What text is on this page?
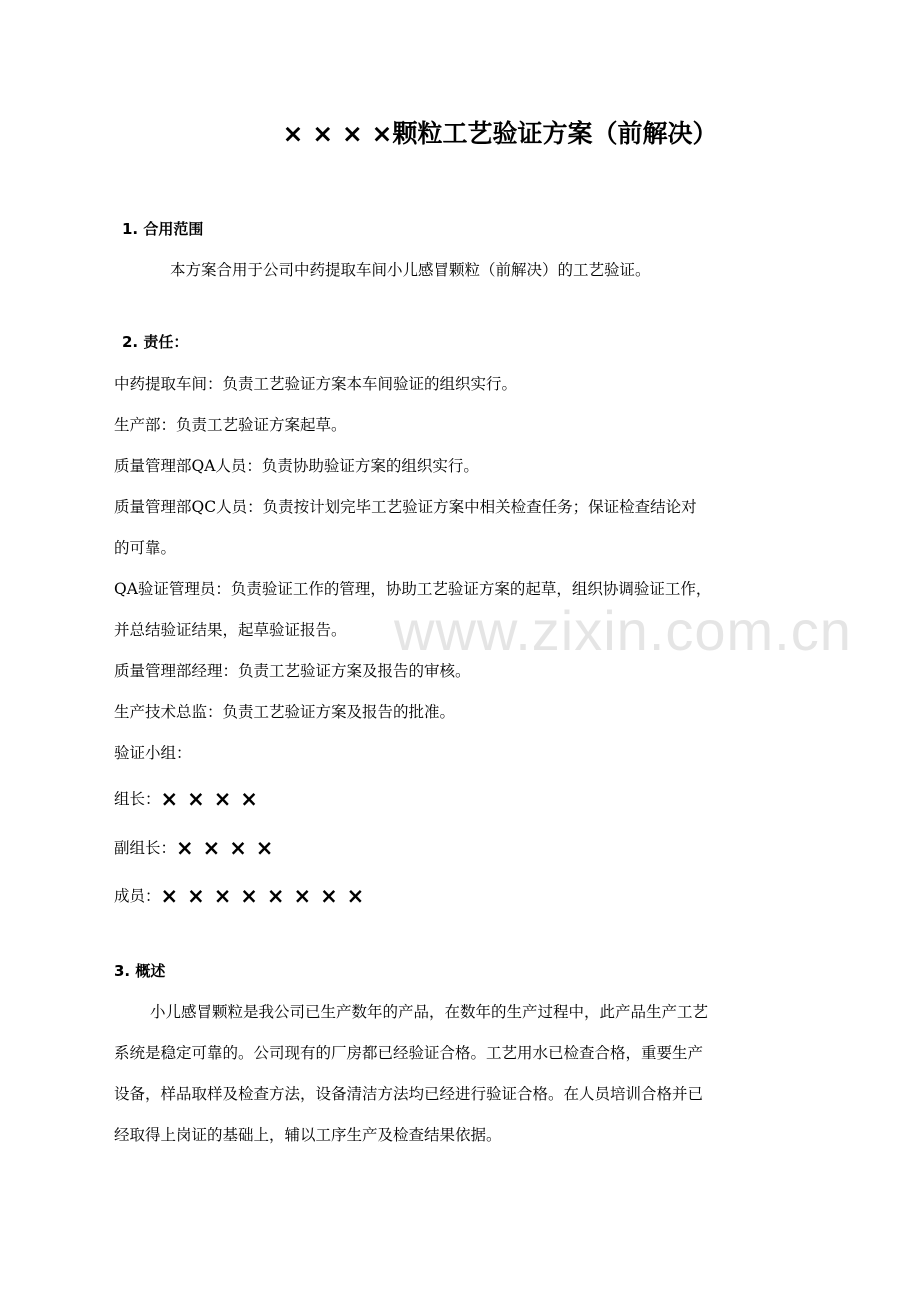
× × × ×颗粒工艺验证方案（前解决）
1. 合用范围
本方案合用于公司中药提取车间小儿感冒颗粒（前解决）的工艺验证。
2. 责任：
中药提取车间：负责工艺验证方案本车间验证的组织实行。
生产部：负责工艺验证方案起草。
质量管理部QA人员：负责协助验证方案的组织实行。
质量管理部QC人员：负责按计划完毕工艺验证方案中相关检查任务；保证检查结论对
的可靠。
QA验证管理员：负责验证工作的管理，协助工艺验证方案的起草，组织协调验证工作，
并总结验证结果，起草验证报告。
质量管理部经理：负责工艺验证方案及报告的审核。
生产技术总监：负责工艺验证方案及报告的批准。
验证小组：
组长：××××
副组长：××××
成员：××××××××
3. 概述
小儿感冒颗粒是我公司已生产数年的产品，在数年的生产过程中，此产品生产工艺
系统是稳定可靠的。公司现有的厂房都已经验证合格。工艺用水已检查合格，重要生产
设备，样品取样及检查方法，设备清洁方法均已经进行验证合格。在人员培训合格并已
经取得上岗证的基础上，辅以工序生产及检查结果依据。
www.zixin.com.cn
